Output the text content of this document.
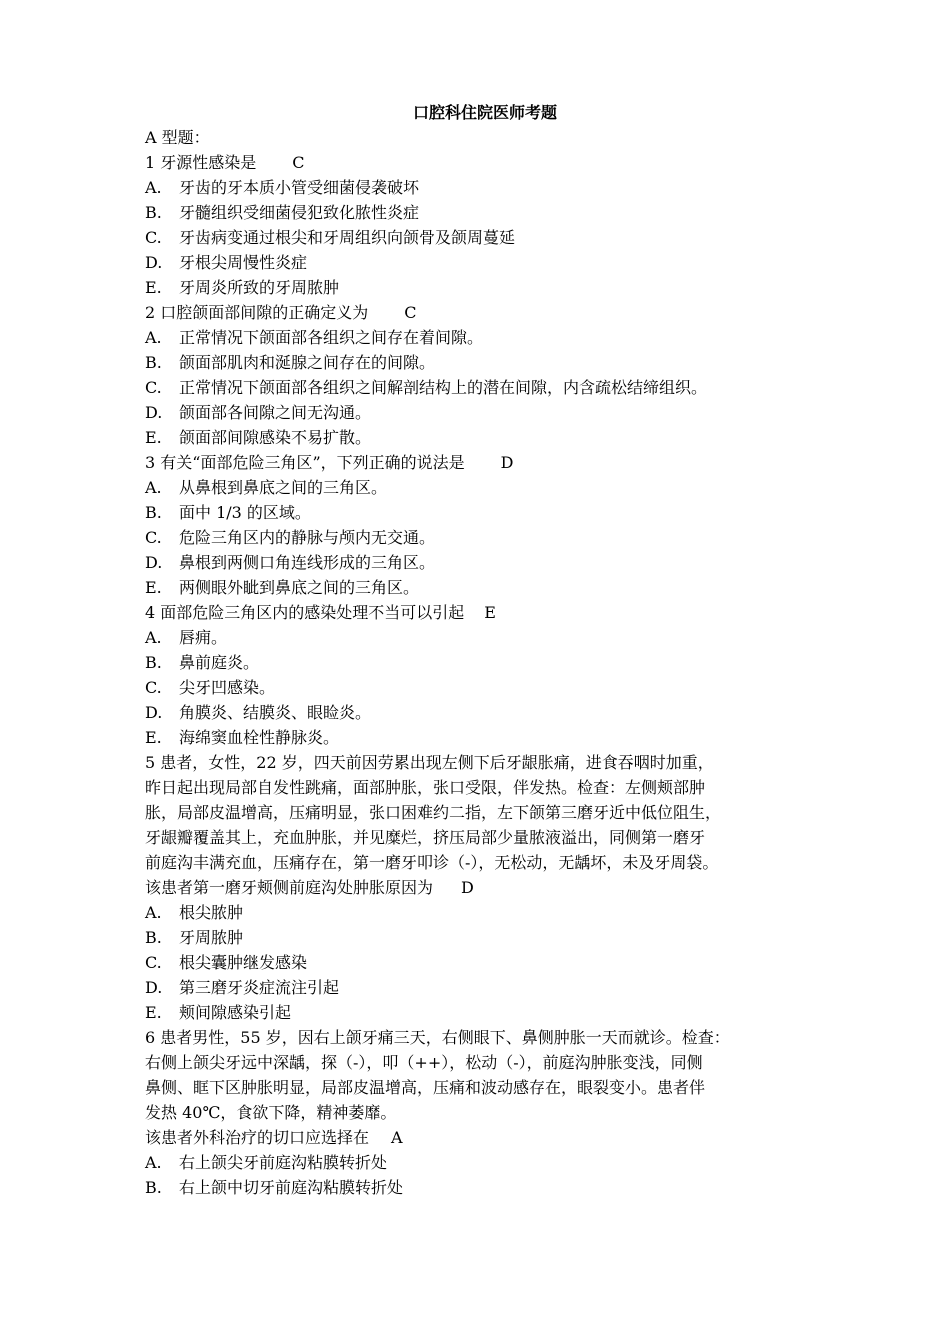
口腔科住院医师考题

A 型题：

1 牙源性感染是 C

A. 牙齿的牙本质小管受细菌侵袭破坏

B. 牙髓组织受细菌侵犯致化脓性炎症

C. 牙齿病变通过根尖和牙周组织向颌骨及颌周蔓延

D. 牙根尖周慢性炎症

E. 牙周炎所致的牙周脓肿

2 口腔颌面部间隙的正确定义为 C

A. 正常情况下颌面部各组织之间存在着间隙。

B. 颌面部肌肉和涎腺之间存在的间隙。

C. 正常情况下颌面部各组织之间解剖结构上的潜在间隙，内含疏松结缔组织。

D. 颌面部各间隙之间无沟通。

E. 颌面部间隙感染不易扩散。

3 有关“面部危险三角区”，下列正确的说法是 D

A. 从鼻根到鼻底之间的三角区。

B. 面中 1/3 的区域。

C. 危险三角区内的静脉与颅内无交通。

D. 鼻根到两侧口角连线形成的三角区。

E. 两侧眼外眦到鼻底之间的三角区。

4 面部危险三角区内的感染处理不当可以引起 E

A. 唇痈。

B. 鼻前庭炎。

C. 尖牙凹感染。

D. 角膜炎、结膜炎、眼睑炎。

E. 海绵窦血栓性静脉炎。

5 患者，女性，22 岁，四天前因劳累出现左侧下后牙龈胀痛，进食吞咽时加重，

昨日起出现局部自发性跳痛，面部肿胀，张口受限，伴发热。检查：左侧颊部肿

胀，局部皮温增高，压痛明显，张口困难约二指，左下颌第三磨牙近中低位阻生，

牙龈瓣覆盖其上，充血肿胀，并见糜烂，挤压局部少量脓液溢出，同侧第一磨牙

前庭沟丰满充血，压痛存在，第一磨牙叩诊（-），无松动，无龋坏，未及牙周袋。

该患者第一磨牙颊侧前庭沟处肿胀原因为 D

A. 根尖脓肿

B. 牙周脓肿

C. 根尖囊肿继发感染

D. 第三磨牙炎症流注引起

E. 颊间隙感染引起

6 患者男性，55 岁，因右上颌牙痛三天，右侧眼下、鼻侧肿胀一天而就诊。检查：

右侧上颌尖牙远中深龋，探（-），叩（++），松动（-），前庭沟肿胀变浅，同侧

鼻侧、眶下区肿胀明显，局部皮温增高，压痛和波动感存在，眼裂变小。患者伴

发热 40℃，食欲下降，精神萎靡。

该患者外科治疗的切口应选择在 A

A. 右上颌尖牙前庭沟粘膜转折处

B. 右上颌中切牙前庭沟粘膜转折处
